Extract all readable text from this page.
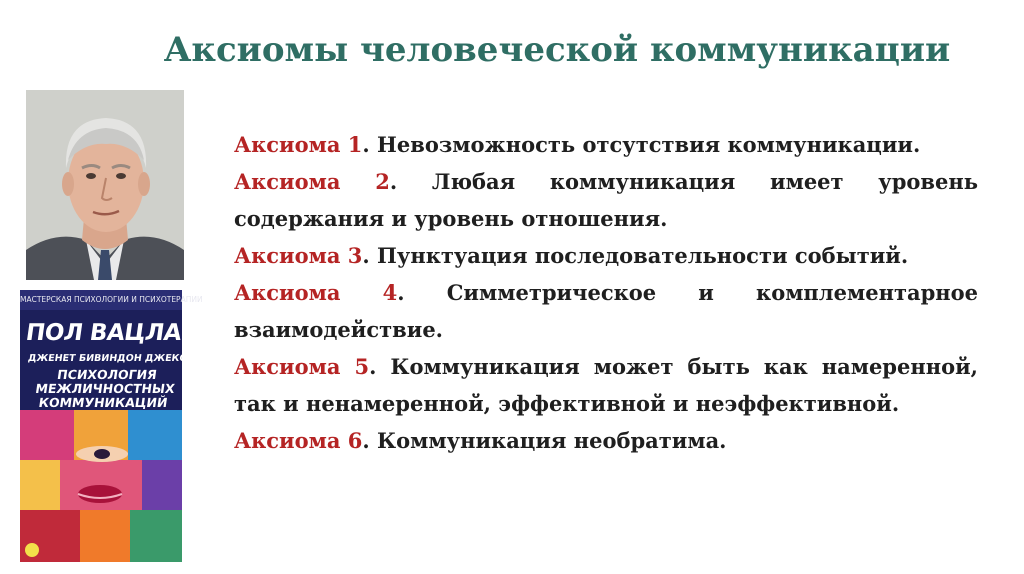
Аксиомы человеческой коммуникации
МАСТЕРСКАЯ ПСИХОЛОГИИ И ПСИХОТЕРАПИИ
ПОЛ ВАЦЛАВИК
ДЖЕНЕТ БИВИН
ДОН ДЖЕКСОН
ПСИХОЛОГИЯ
МЕЖЛИЧНОСТНЫХ
КОММУНИКАЦИЙ

Аксиома 1. Невозможность отсутствия коммуникации.

Аксиома 2. Любая коммуникация имеет уровень содержания и уровень отношения.

Аксиома 3. Пунктуация последовательности событий.

Аксиома 4. Симметрическое и комплементарное взаимодействие.

Аксиома 5. Коммуникация может быть как намеренной, так и ненамеренной, эффективной и неэффективной.

Аксиома 6. Коммуникация необратима.
